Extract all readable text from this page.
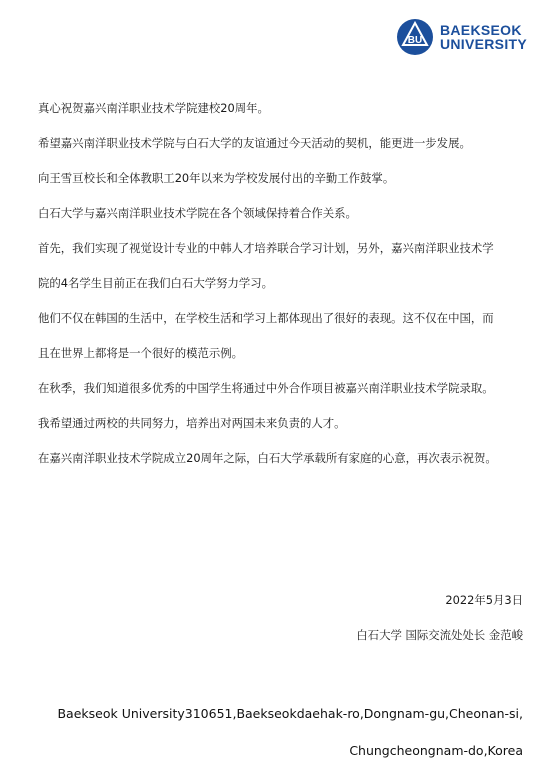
BU
BAEKSEOK
UNIVERSITY

真心祝贺嘉兴南洋职业技术学院建校20周年。

希望嘉兴南洋职业技术学院与白石大学的友谊通过今天活动的契机，能更进一步发展。

向王雪亘校长和全体教职工20年以来为学校发展付出的辛勤工作鼓掌。

白石大学与嘉兴南洋职业技术学院在各个领域保持着合作关系。

首先，我们实现了视觉设计专业的中韩人才培养联合学习计划，另外，嘉兴南洋职业技术学
院的4名学生目前正在我们白石大学努力学习。
他们不仅在韩国的生活中，在学校生活和学习上都体现出了很好的表现。这不仅在中国，而
且在世界上都将是一个很好的模范示例。

在秋季，我们知道很多优秀的中国学生将通过中外合作项目被嘉兴南洋职业技术学院录取。

我希望通过两校的共同努力，培养出对两国未来负责的人才。

在嘉兴南洋职业技术学院成立20周年之际，白石大学承载所有家庭的心意，再次表示祝贺。

2022年5月3日
白石大学 国际交流处处长 金范峻
Baekseok University310651,Baekseokdaehak-ro,Dongnam-gu,Cheonan-si,
Chungcheongnam-do,Korea
